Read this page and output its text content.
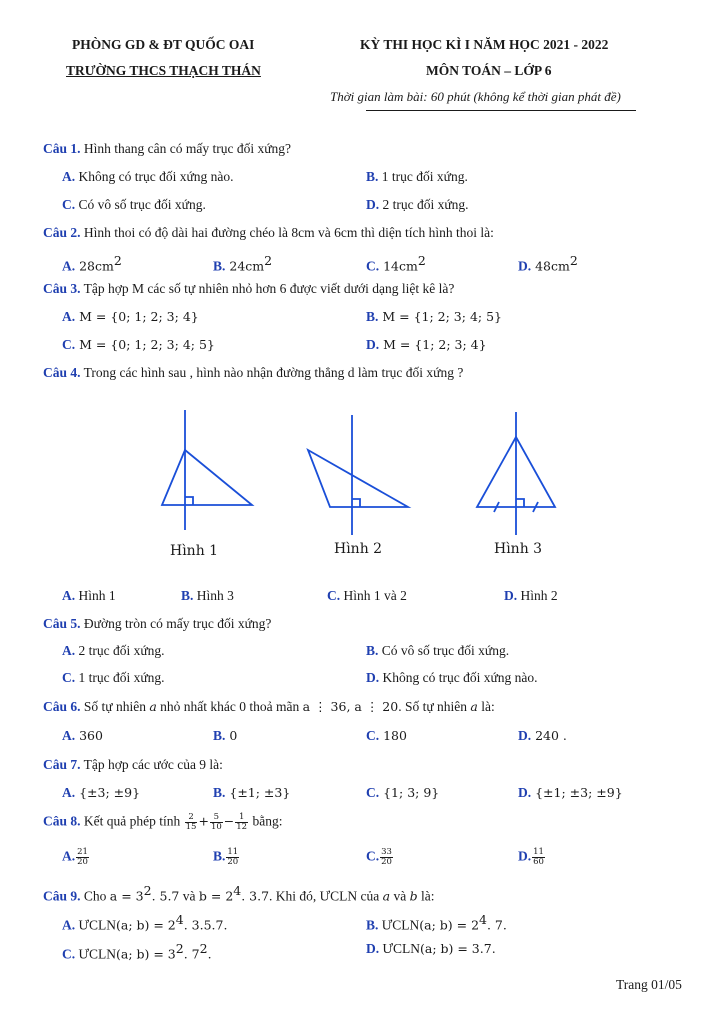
PHÒNG GD & ĐT QUỐC OAI
TRƯỜNG THCS THẠCH THÁN
KỲ THI HỌC KÌ I NĂM HỌC 2021 - 2022
MÔN TOÁN – LỚP 6
Thời gian làm bài: 60 phút (không kể thời gian phát đề)
Câu 1. Hình thang cân có mấy trục đối xứng?
A. Không có trục đối xứng nào.	B. 1 trục đối xứng.
C. Có vô số trục đối xứng.	D. 2 trục đối xứng.
Câu 2. Hình thoi có độ dài hai đường chéo là 8cm và 6cm thì diện tích hình thoi là:
A. $28cm^2$	B. $24cm^2$	C. $14cm^2$	D. $48cm^2$
Câu 3. Tập hợp M các số tự nhiên nhỏ hơn 6 được viết dưới dạng liệt kê là?
A. M = {0; 1; 2; 3; 4}	B. M = {1; 2; 3; 4; 5}
C. M = {0; 1; 2; 3; 4; 5}	D. M = {1; 2; 3; 4}
Câu 4. Trong các hình sau , hình nào nhận đường thẳng d làm trục đối xứng ?
Hình 1	Hình 2	Hình 3
A. Hình 1	B. Hình 3	C. Hình 1 và 2	D. Hình 2
Câu 5. Đường tròn có mấy trục đối xứng?
A. 2 trục đối xứng.	B. Có vô số trục đối xứng.
C. 1 trục đối xứng.	D. Không có trục đối xứng nào.
Câu 6. Số tự nhiên a nhỏ nhất khác 0 thoả mãn a ⋮ 36, a ⋮ 20. Số tự nhiên a là:
A. 360	B. 0	C. 180	D. 240 .
Câu 7. Tập hợp các ước của 9 là:
A. {±3; ±9}	B. {±1; ±3}	C. {1; 3; 9}	D. {±1; ±3; ±9}
Câu 8. Kết quả phép tính $\frac{2}{15} + \frac{5}{10} - \frac{1}{12}$ bằng:
A. $\frac{21}{20}$	B. $\frac{11}{20}$	C. $\frac{33}{20}$	D. $\frac{11}{60}$
Câu 9. Cho $a = 3^2$. 5.7 và $b = 2^4$. 3.7. Khi đó, ƯCLN của a và b là:
A. ƯCLN(a; $b) = 2^4$. 3.5.7.	B. ƯCLN(a; $b) = 2^4$. 7.
C. ƯCLN(a; $b) = 3^2$. $7^2$.	D. ƯCLN(a; b) = 3.7.
Trang 01/05
